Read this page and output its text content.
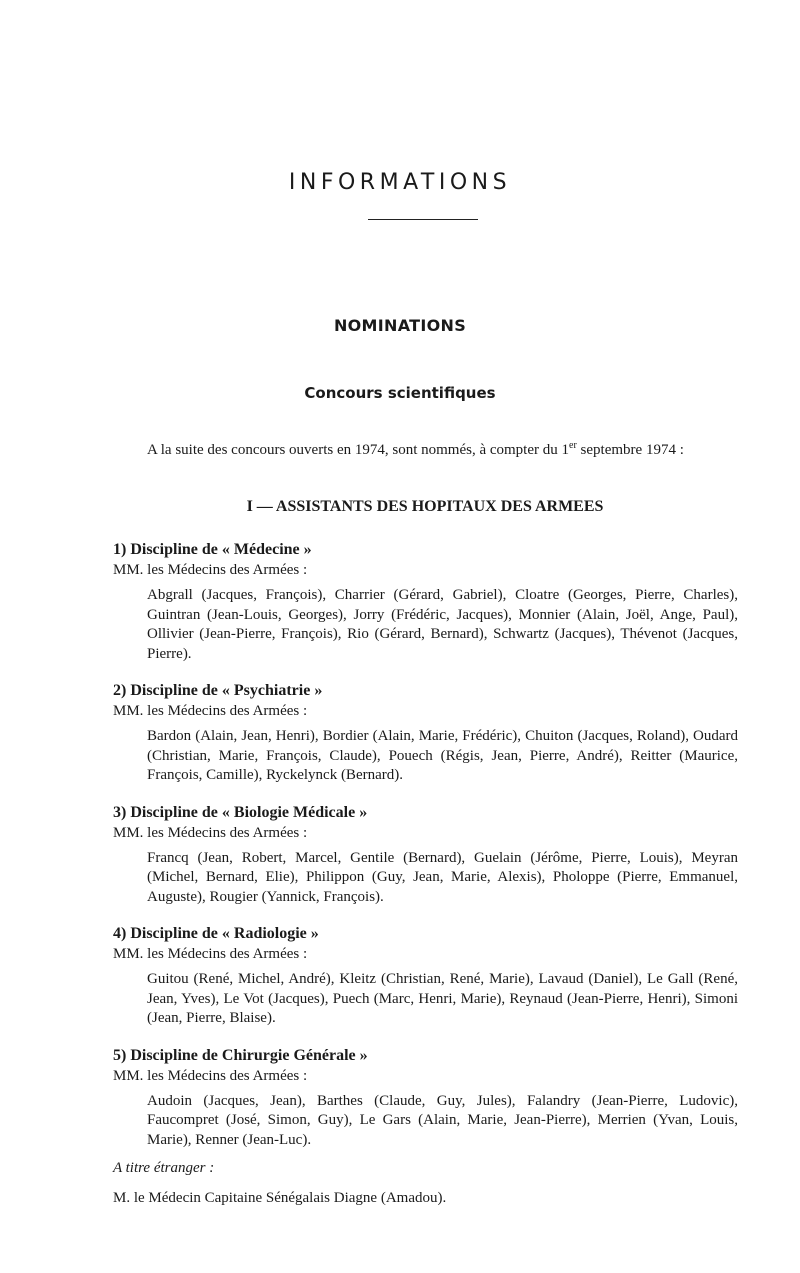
INFORMATIONS
NOMINATIONS
Concours scientifiques
A la suite des concours ouverts en 1974, sont nommés, à compter du 1er septembre 1974 :
I — ASSISTANTS DES HOPITAUX DES ARMEES

1) Discipline de « Médecine »

MM. les Médecins des Armées :

Abgrall (Jacques, François), Charrier (Gérard, Gabriel), Cloatre (Georges, Pierre, Charles), Guintran (Jean-Louis, Georges), Jorry (Frédéric, Jacques), Monnier (Alain, Joël, Ange, Paul), Ollivier (Jean-Pierre, François), Rio (Gérard, Bernard), Schwartz (Jacques), Thévenot (Jacques, Pierre).

2) Discipline de « Psychiatrie »

MM. les Médecins des Armées :

Bardon (Alain, Jean, Henri), Bordier (Alain, Marie, Frédéric), Chuiton (Jacques, Roland), Oudard (Christian, Marie, François, Claude), Pouech (Régis, Jean, Pierre, André), Reitter (Maurice, François, Camille), Ryckelynck (Bernard).

3) Discipline de « Biologie Médicale »

MM. les Médecins des Armées :

Francq (Jean, Robert, Marcel, Gentile (Bernard), Guelain (Jérôme, Pierre, Louis), Meyran (Michel, Bernard, Elie), Philippon (Guy, Jean, Marie, Alexis), Pholoppe (Pierre, Emmanuel, Auguste), Rougier (Yannick, François).

4) Discipline de « Radiologie »

MM. les Médecins des Armées :

Guitou (René, Michel, André), Kleitz (Christian, René, Marie), Lavaud (Daniel), Le Gall (René, Jean, Yves), Le Vot (Jacques), Puech (Marc, Henri, Marie), Reynaud (Jean-Pierre, Henri), Simoni (Jean, Pierre, Blaise).

5) Discipline de Chirurgie Générale »

MM. les Médecins des Armées :

Audoin (Jacques, Jean), Barthes (Claude, Guy, Jules), Falandry (Jean-Pierre, Ludovic), Faucompret (José, Simon, Guy), Le Gars (Alain, Marie, Jean-Pierre), Merrien (Yvan, Louis, Marie), Renner (Jean-Luc).

A titre étranger :

M. le Médecin Capitaine Sénégalais Diagne (Amadou).
